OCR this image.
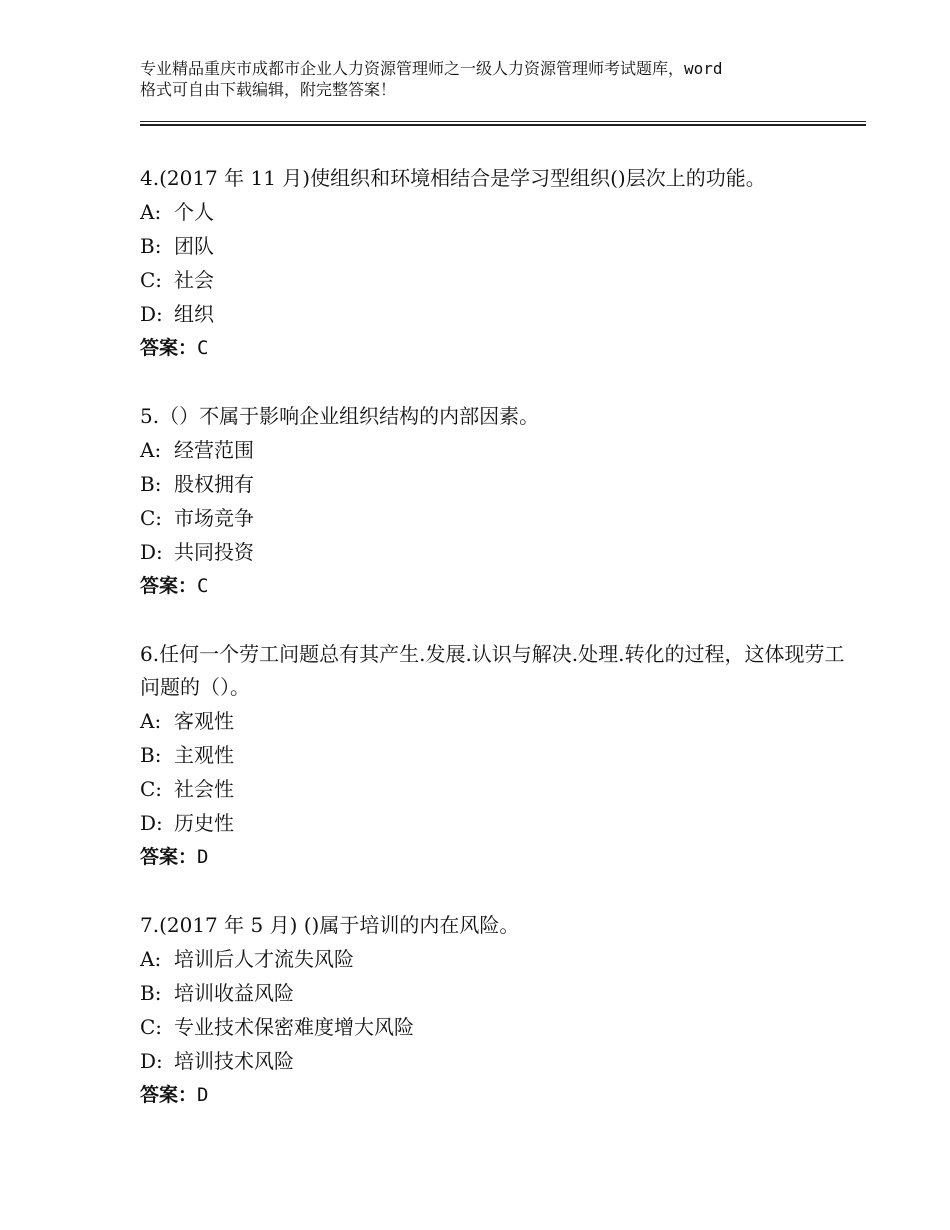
专业精品重庆市成都市企业人力资源管理师之一级人力资源管理师考试题库，word
格式可自由下载编辑，附完整答案！

4.(2017 年 11 月)使组织和环境相结合是学习型组织()层次上的功能。

A: 个人

B: 团队

C: 社会

D: 组织

答案：C

5.（）不属于影响企业组织结构的内部因素。

A: 经营范围

B: 股权拥有

C: 市场竞争

D: 共同投资

答案：C

6.任何一个劳工问题总有其产生.发展.认识与解决.处理.转化的过程，这体现劳工问题的（）。

A: 客观性

B: 主观性

C: 社会性

D: 历史性

答案：D

7.(2017 年 5 月) ()属于培训的内在风险。

A: 培训后人才流失风险

B: 培训收益风险

C: 专业技术保密难度增大风险

D: 培训技术风险

答案：D
